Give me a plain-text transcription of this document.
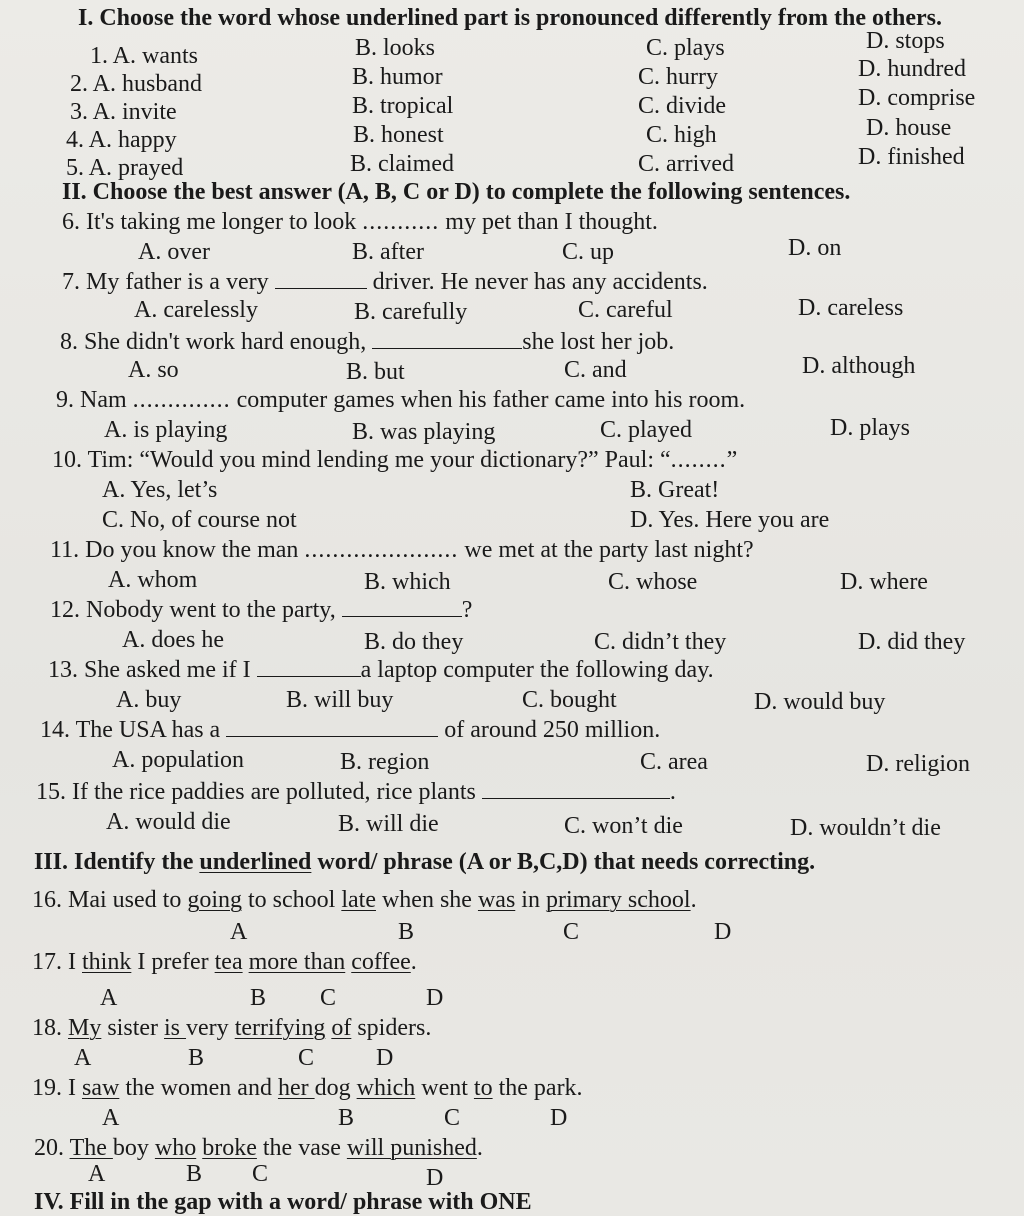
I. Choose the word whose underlined part is pronounced differently from the others.
1. A. wants	B. looks	C. plays	D. stops
2. A. husband	B. humor	C. hurry	D. hundred
3. A. invite	B. tropical	C. divide	D. comprise
4. A. happy	B. honest	C. high	D. house
5. A. prayed	B. claimed	C. arrived	D. finished
II. Choose the best answer (A, B, C or D) to complete the following sentences.
6. It's taking me longer to look ........... my pet than I thought.
A. over	B. after	C. up	D. on
7. My father is a very	driver. He never has any accidents.
A. carelessly	B. carefully	C. careful	D. careless
8. She didn't work hard enough,	she lost her job.
A. so	B. but	C. and	D. although
9. Nam .............. computer games when his father came into his room.
A. is playing	B. was playing	C. played	D. plays
10. Tim: “Would you mind lending me your dictionary?” Paul: “........”
A. Yes, let’s	B. Great!
C. No, of course not	D. Yes. Here you are
11. Do you know the man ...................... we met at the party last night?
A. whom	B. which	C. whose	D. where
12. Nobody went to the party,	?
A. does he	B. do they	C. didn’t they	D. did they
13. She asked me if I	a laptop computer the following day.
A. buy	B. will buy	C. bought	D. would buy
14. The USA has a	of around 250 million.
A. population	B. region	C. area	D. religion
15. If the rice paddies are polluted, rice plants	.
A. would die	B. will die	C. won’t die	D. wouldn’t die
III. Identify the underlined word/ phrase (A or B,C,D) that needs correcting.
16. Mai used to going to school late when she was in primary school.
A	B	C	D
17. I think I prefer tea more than coffee.
A	B C	D
18. My sister is very terrifying of spiders.
A	B	C	D
19. I saw the women and her dog which went to the park.
A	B	C	D
20. The boy who broke the vase will punished.
A	B C	D
IV. Fill in the gap with a word/ phrase with ONE
